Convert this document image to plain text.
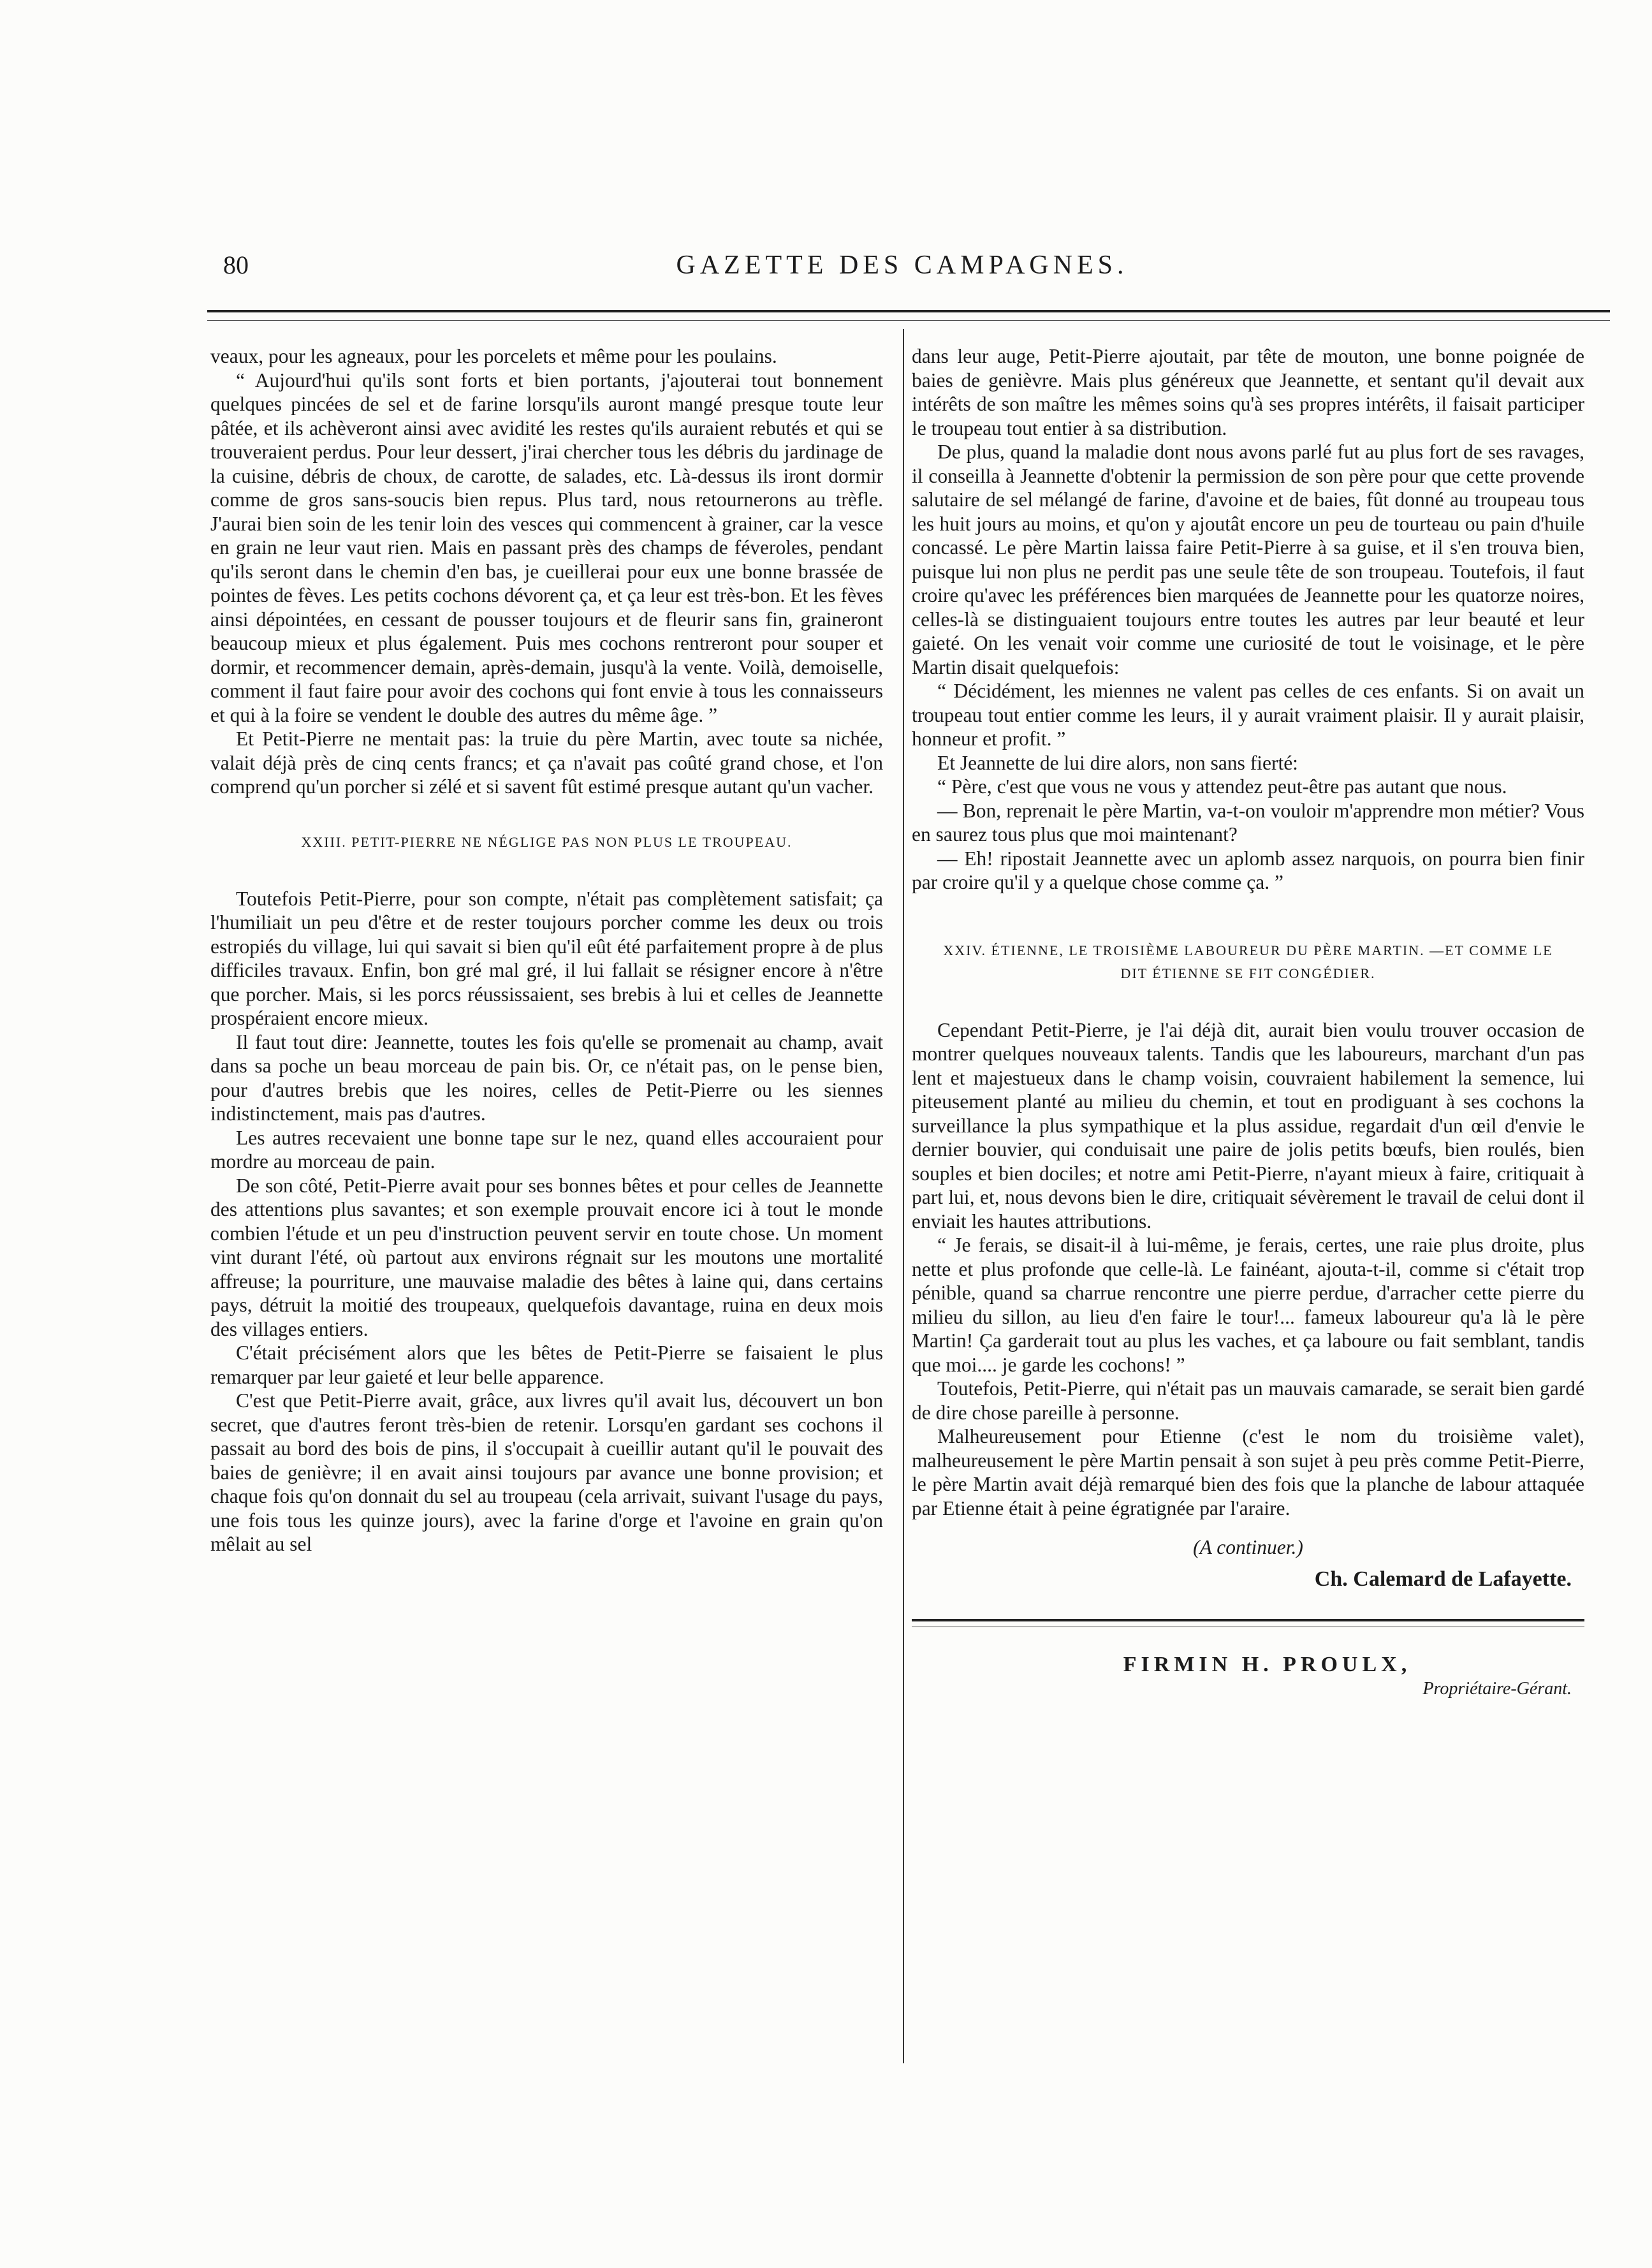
80	GAZETTE DES CAMPAGNES.

veaux, pour les agneaux, pour les porcelets et même pour les poulains.

“ Aujourd'hui qu'ils sont forts et bien portants, j'ajouterai tout bonnement quelques pincées de sel et de farine lorsqu'ils auront mangé presque toute leur pâtée, et ils achèveront ainsi avec avidité les restes qu'ils auraient rebutés et qui se trouveraient perdus. Pour leur dessert, j'irai chercher tous les débris du jardinage de la cuisine, débris de choux, de carotte, de salades, etc. Là-dessus ils iront dormir comme de gros sans-soucis bien repus. Plus tard, nous retournerons au trèfle. J'aurai bien soin de les tenir loin des vesces qui commencent à grainer, car la vesce en grain ne leur vaut rien. Mais en passant près des champs de féveroles, pendant qu'ils seront dans le chemin d'en bas, je cueillerai pour eux une bonne brassée de pointes de fèves. Les petits cochons dévorent ça, et ça leur est très-bon. Et les fèves ainsi dépointées, en cessant de pousser toujours et de fleurir sans fin, graineront beaucoup mieux et plus également. Puis mes cochons rentreront pour souper et dormir, et recommencer demain, après-demain, jusqu'à la vente. Voilà, demoiselle, comment il faut faire pour avoir des cochons qui font envie à tous les connaisseurs et qui à la foire se vendent le double des autres du même âge. ”

Et Petit-Pierre ne mentait pas: la truie du père Martin, avec toute sa nichée, valait déjà près de cinq cents francs; et ça n'avait pas coûté grand chose, et l'on comprend qu'un porcher si zélé et si savent fût estimé presque autant qu'un vacher.

XXIII. PETIT-PIERRE NE NÉGLIGE PAS NON PLUS LE TROUPEAU.

Toutefois Petit-Pierre, pour son compte, n'était pas complètement satisfait; ça l'humiliait un peu d'être et de rester toujours porcher comme les deux ou trois estropiés du village, lui qui savait si bien qu'il eût été parfaitement propre à de plus difficiles travaux. Enfin, bon gré mal gré, il lui fallait se résigner encore à n'être que porcher. Mais, si les porcs réussissaient, ses brebis à lui et celles de Jeannette prospéraient encore mieux.

Il faut tout dire: Jeannette, toutes les fois qu'elle se promenait au champ, avait dans sa poche un beau morceau de pain bis. Or, ce n'était pas, on le pense bien, pour d'autres brebis que les noires, celles de Petit-Pierre ou les siennes indistinctement, mais pas d'autres.

Les autres recevaient une bonne tape sur le nez, quand elles accouraient pour mordre au morceau de pain.

De son côté, Petit-Pierre avait pour ses bonnes bêtes et pour celles de Jeannette des attentions plus savantes; et son exemple prouvait encore ici à tout le monde combien l'étude et un peu d'instruction peuvent servir en toute chose. Un moment vint durant l'été, où partout aux environs régnait sur les moutons une mortalité affreuse; la pourriture, une mauvaise maladie des bêtes à laine qui, dans certains pays, détruit la moitié des troupeaux, quelquefois davantage, ruina en deux mois des villages entiers.

C'était précisément alors que les bêtes de Petit-Pierre se faisaient le plus remarquer par leur gaieté et leur belle apparence.

C'est que Petit-Pierre avait, grâce, aux livres qu'il avait lus, découvert un bon secret, que d'autres feront très-bien de retenir. Lorsqu'en gardant ses cochons il passait au bord des bois de pins, il s'occupait à cueillir autant qu'il le pouvait des baies de genièvre; il en avait ainsi toujours par avance une bonne provision; et chaque fois qu'on donnait du sel au troupeau (cela arrivait, suivant l'usage du pays, une fois tous les quinze jours), avec la farine d'orge et l'avoine en grain qu'on mêlait au sel

dans leur auge, Petit-Pierre ajoutait, par tête de mouton, une bonne poignée de baies de genièvre. Mais plus généreux que Jeannette, et sentant qu'il devait aux intérêts de son maître les mêmes soins qu'à ses propres intérêts, il faisait participer le troupeau tout entier à sa distribution.

De plus, quand la maladie dont nous avons parlé fut au plus fort de ses ravages, il conseilla à Jeannette d'obtenir la permission de son père pour que cette provende salutaire de sel mélangé de farine, d'avoine et de baies, fût donné au troupeau tous les huit jours au moins, et qu'on y ajoutât encore un peu de tourteau ou pain d'huile concassé. Le père Martin laissa faire Petit-Pierre à sa guise, et il s'en trouva bien, puisque lui non plus ne perdit pas une seule tête de son troupeau. Toutefois, il faut croire qu'avec les préférences bien marquées de Jeannette pour les quatorze noires, celles-là se distinguaient toujours entre toutes les autres par leur beauté et leur gaieté. On les venait voir comme une curiosité de tout le voisinage, et le père Martin disait quelquefois:

“ Décidément, les miennes ne valent pas celles de ces enfants. Si on avait un troupeau tout entier comme les leurs, il y aurait vraiment plaisir. Il y aurait plaisir, honneur et profit. ”

Et Jeannette de lui dire alors, non sans fierté:

“ Père, c'est que vous ne vous y attendez peut-être pas autant que nous.

— Bon, reprenait le père Martin, va-t-on vouloir m'apprendre mon métier? Vous en saurez tous plus que moi maintenant?

— Eh! ripostait Jeannette avec un aplomb assez narquois, on pourra bien finir par croire qu'il y a quelque chose comme ça. ”

XXIV. ÉTIENNE, LE TROISIÈME LABOUREUR DU PÈRE MARTIN. —ET COMME LE DIT ÉTIENNE SE FIT CONGÉDIER.

Cependant Petit-Pierre, je l'ai déjà dit, aurait bien voulu trouver occasion de montrer quelques nouveaux talents. Tandis que les laboureurs, marchant d'un pas lent et majestueux dans le champ voisin, couvraient habilement la semence, lui piteusement planté au milieu du chemin, et tout en prodiguant à ses cochons la surveillance la plus sympathique et la plus assidue, regardait d'un œil d'envie le dernier bouvier, qui conduisait une paire de jolis petits bœufs, bien roulés, bien souples et bien dociles; et notre ami Petit-Pierre, n'ayant mieux à faire, critiquait à part lui, et, nous devons bien le dire, critiquait sévèrement le travail de celui dont il enviait les hautes attributions.

“ Je ferais, se disait-il à lui-même, je ferais, certes, une raie plus droite, plus nette et plus profonde que celle-là. Le fainéant, ajouta-t-il, comme si c'était trop pénible, quand sa charrue rencontre une pierre perdue, d'arracher cette pierre du milieu du sillon, au lieu d'en faire le tour!... fameux laboureur qu'a là le père Martin! Ça garderait tout au plus les vaches, et ça laboure ou fait semblant, tandis que moi.... je garde les cochons! ”

Toutefois, Petit-Pierre, qui n'était pas un mauvais camarade, se serait bien gardé de dire chose pareille à personne.

Malheureusement pour Etienne (c'est le nom du troisième valet), malheureusement le père Martin pensait à son sujet à peu près comme Petit-Pierre, le père Martin avait déjà remarqué bien des fois que la planche de labour attaquée par Etienne était à peine égratignée par l'araire.

(A continuer.)
Ch. Calemard de Lafayette.
FIRMIN H. PROULX,
Propriétaire-Gérant.
